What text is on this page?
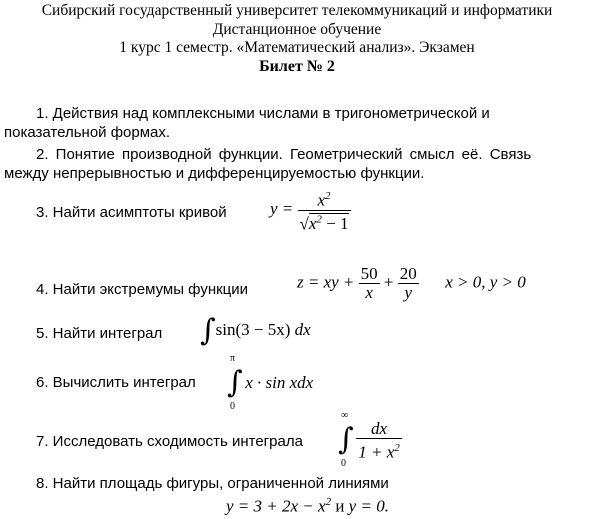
Сибирский государственный университет телекоммуникаций и информатики
Дистанционное обучение
1 курс 1 семестр. «Математический анализ». Экзамен
Билет № 2
1. Действия над комплексными числами в тригонометрической и
показательной формах.
2. Понятие производной функции. Геометрический смысл её. Связь
между непрерывностью и дифференцируемостью функции.
3. Найти асимптоты кривой	$y = \frac{x^2}{√x^2 - 1}$
4. Найти экстремумы функции	z = xy + $\frac{50}{x} + \frac{20}{y}$ x > 0, y > 0
5. Найти интеграл ∫sin(3 − 5x) dx
6. Вычислить интеграл
π
∫
0
x · sin xdx
7. Исследовать сходимость интеграла
∞
∫
0

$\frac{dx}{1 + x^2}$
8. Найти площадь фигуры, ограниченной линиями
$y = 3 + 2x - x^2$ и y = 0.
